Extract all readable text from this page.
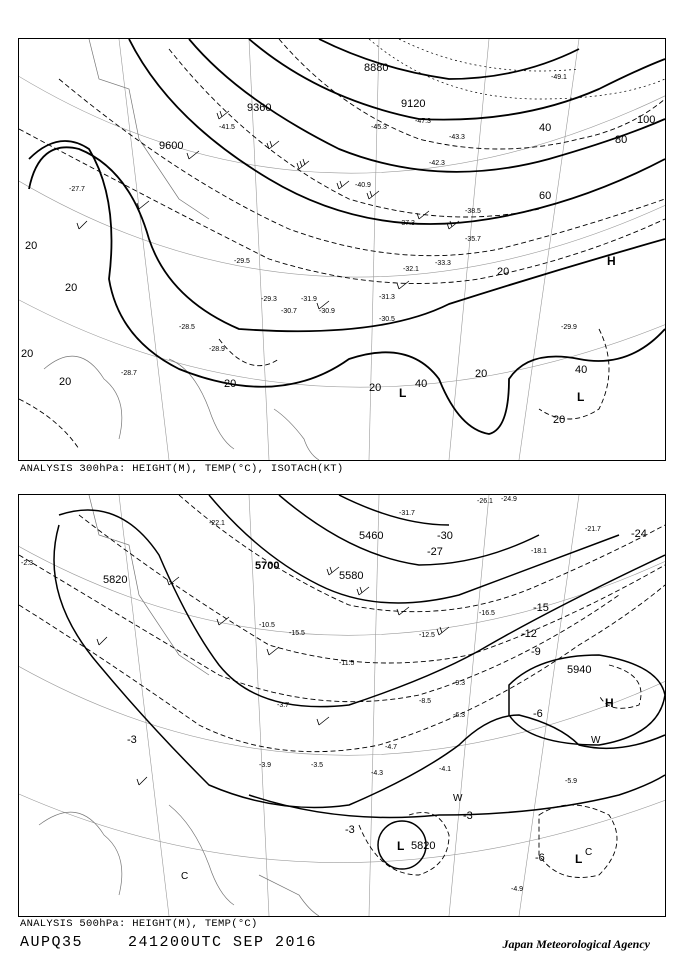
9360
9600
9120
8880
40
60
80
100
20
20
20
20	20	20
20
20
20
40
40
-40.9
-42.3
-38.5
-37.3
-32.1
-31.9	-31.3
-30.5
-30.9
-30.7
-29.5
-29.3
-28.9
-28.7
-27.7
-33.3
-35.7
-45.3
-47.3
-49.1
-43.3
-41.5
-28.5	-29.9
H
L	L
ANALYSIS 300hPa: HEIGHT(M), TEMP(°C), ISOTACH(KT)
5700
5820	5580
5460
5940
5820
-3
-6
-9
-12
-15
-24
-27
-30
-3
-6
-3
-15.5
-11.5
-12.5
-10.5
-9.3
-8.5
-6.3
-5.9
-4.9
-4.7
-4.3
-4.1
-3.9	-3.5
-3.7
-2.3
-16.5
-18.1
-21.7
-24.9
-22.1
-31.7
-26.1
H
L
L
W
W
C
C
ANALYSIS 500hPa: HEIGHT(M), TEMP(°C)
AUPQ35	241200UTC SEP 2016	Japan Meteorological Agency
